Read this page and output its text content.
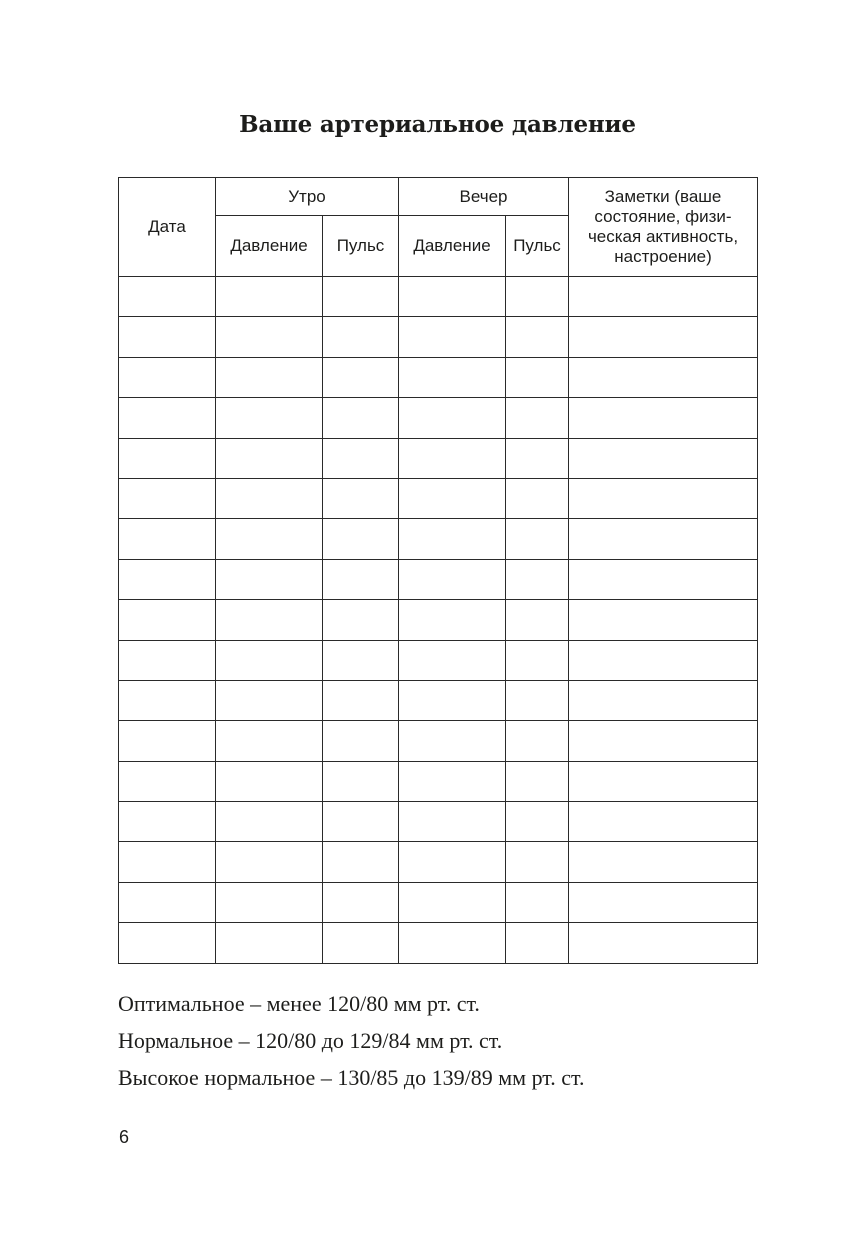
Ваше артериальное давление
Дата	Утро		Вечер		Заметки (ваше состояние, физическая активность, настроение)
	Давление	Пульс	Давление	Пульс	

Оптимальное – менее 120/80 мм рт. ст.
Нормальное – 120/80 до 129/84 мм рт. ст.
Высокое нормальное – 130/85 до 139/89 мм рт. ст.
6
